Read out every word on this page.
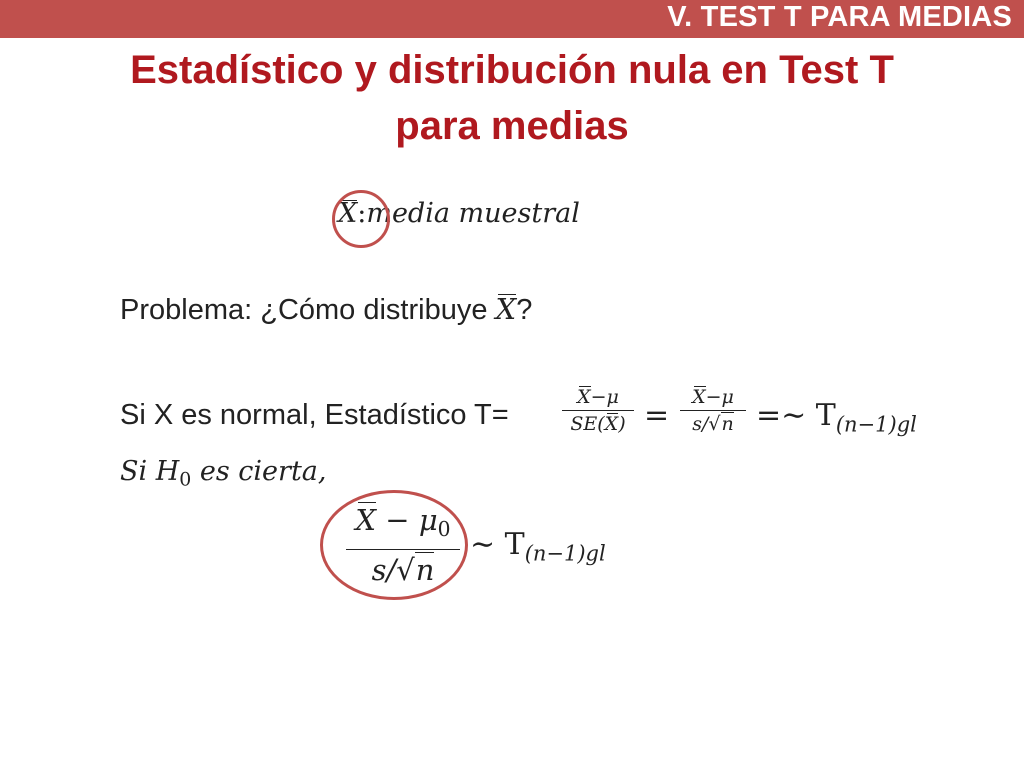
V. TEST T PARA MEDIAS
Estadístico y distribución nula en Test T
para medias
X:media muestral
Problema: ¿Cómo distribuye X?
Si X es normal, Estadístico T=
X−μ
SE(X) =
X−μ
s/√n =∼ $T_{(n-1)gl}$
Si $H_0$ es cierta,
$X - \mu_0$
s/√n
∼ $T_{(n-1)gl}$
